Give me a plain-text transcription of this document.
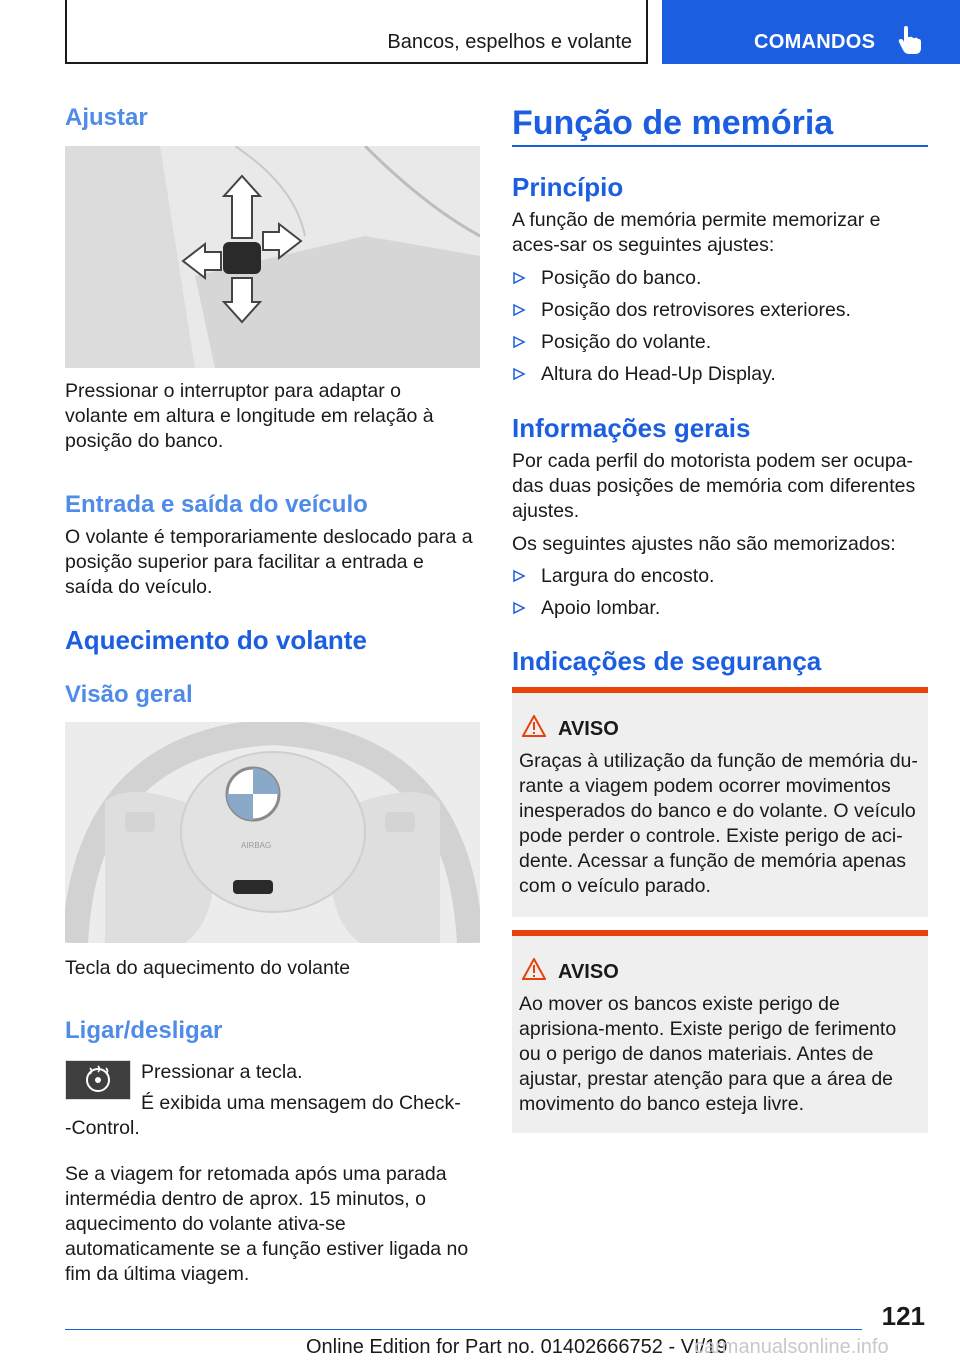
Bancos, espelhos e volante	COMANDOS
Ajustar
Pressionar o interruptor para adaptar o volante em altura e longitude em relação à posição do banco.
Entrada e saída do veículo
O volante é temporariamente deslocado para a posição superior para facilitar a entrada e saída do veículo.
Aquecimento do volante
Visão geral
AIRBAG
Tecla do aquecimento do volante
Ligar/desligar
Pressionar a tecla.
É exibida uma mensagem do Check-
-Control.
Se a viagem for retomada após uma parada intermédia dentro de aprox. 15 minutos, o aquecimento do volante ativa-se automaticamente se a função estiver ligada no fim da última viagem.
Função de memória
Princípio
A função de memória permite memorizar e aces-sar os seguintes ajustes:
Posição do banco.
Posição dos retrovisores exteriores.
Posição do volante.
Altura do Head-Up Display.
Informações gerais
Por cada perfil do motorista podem ser ocupa-das duas posições de memória com diferentes ajustes.
Os seguintes ajustes não são memorizados:
Largura do encosto.
Apoio lombar.
Indicações de segurança
AVISO
Graças à utilização da função de memória du-rante a viagem podem ocorrer movimentos inesperados do banco e do volante. O veículo pode perder o controle. Existe perigo de aci-dente. Acessar a função de memória apenas com o veículo parado.
AVISO
Ao mover os bancos existe perigo de aprisiona-mento. Existe perigo de ferimento ou o perigo de danos materiais. Antes de ajustar, prestar atenção para que a área de movimento do banco esteja livre.
121
Online Edition for Part no. 01402666752 - VI/19
carmanualsonline.info
